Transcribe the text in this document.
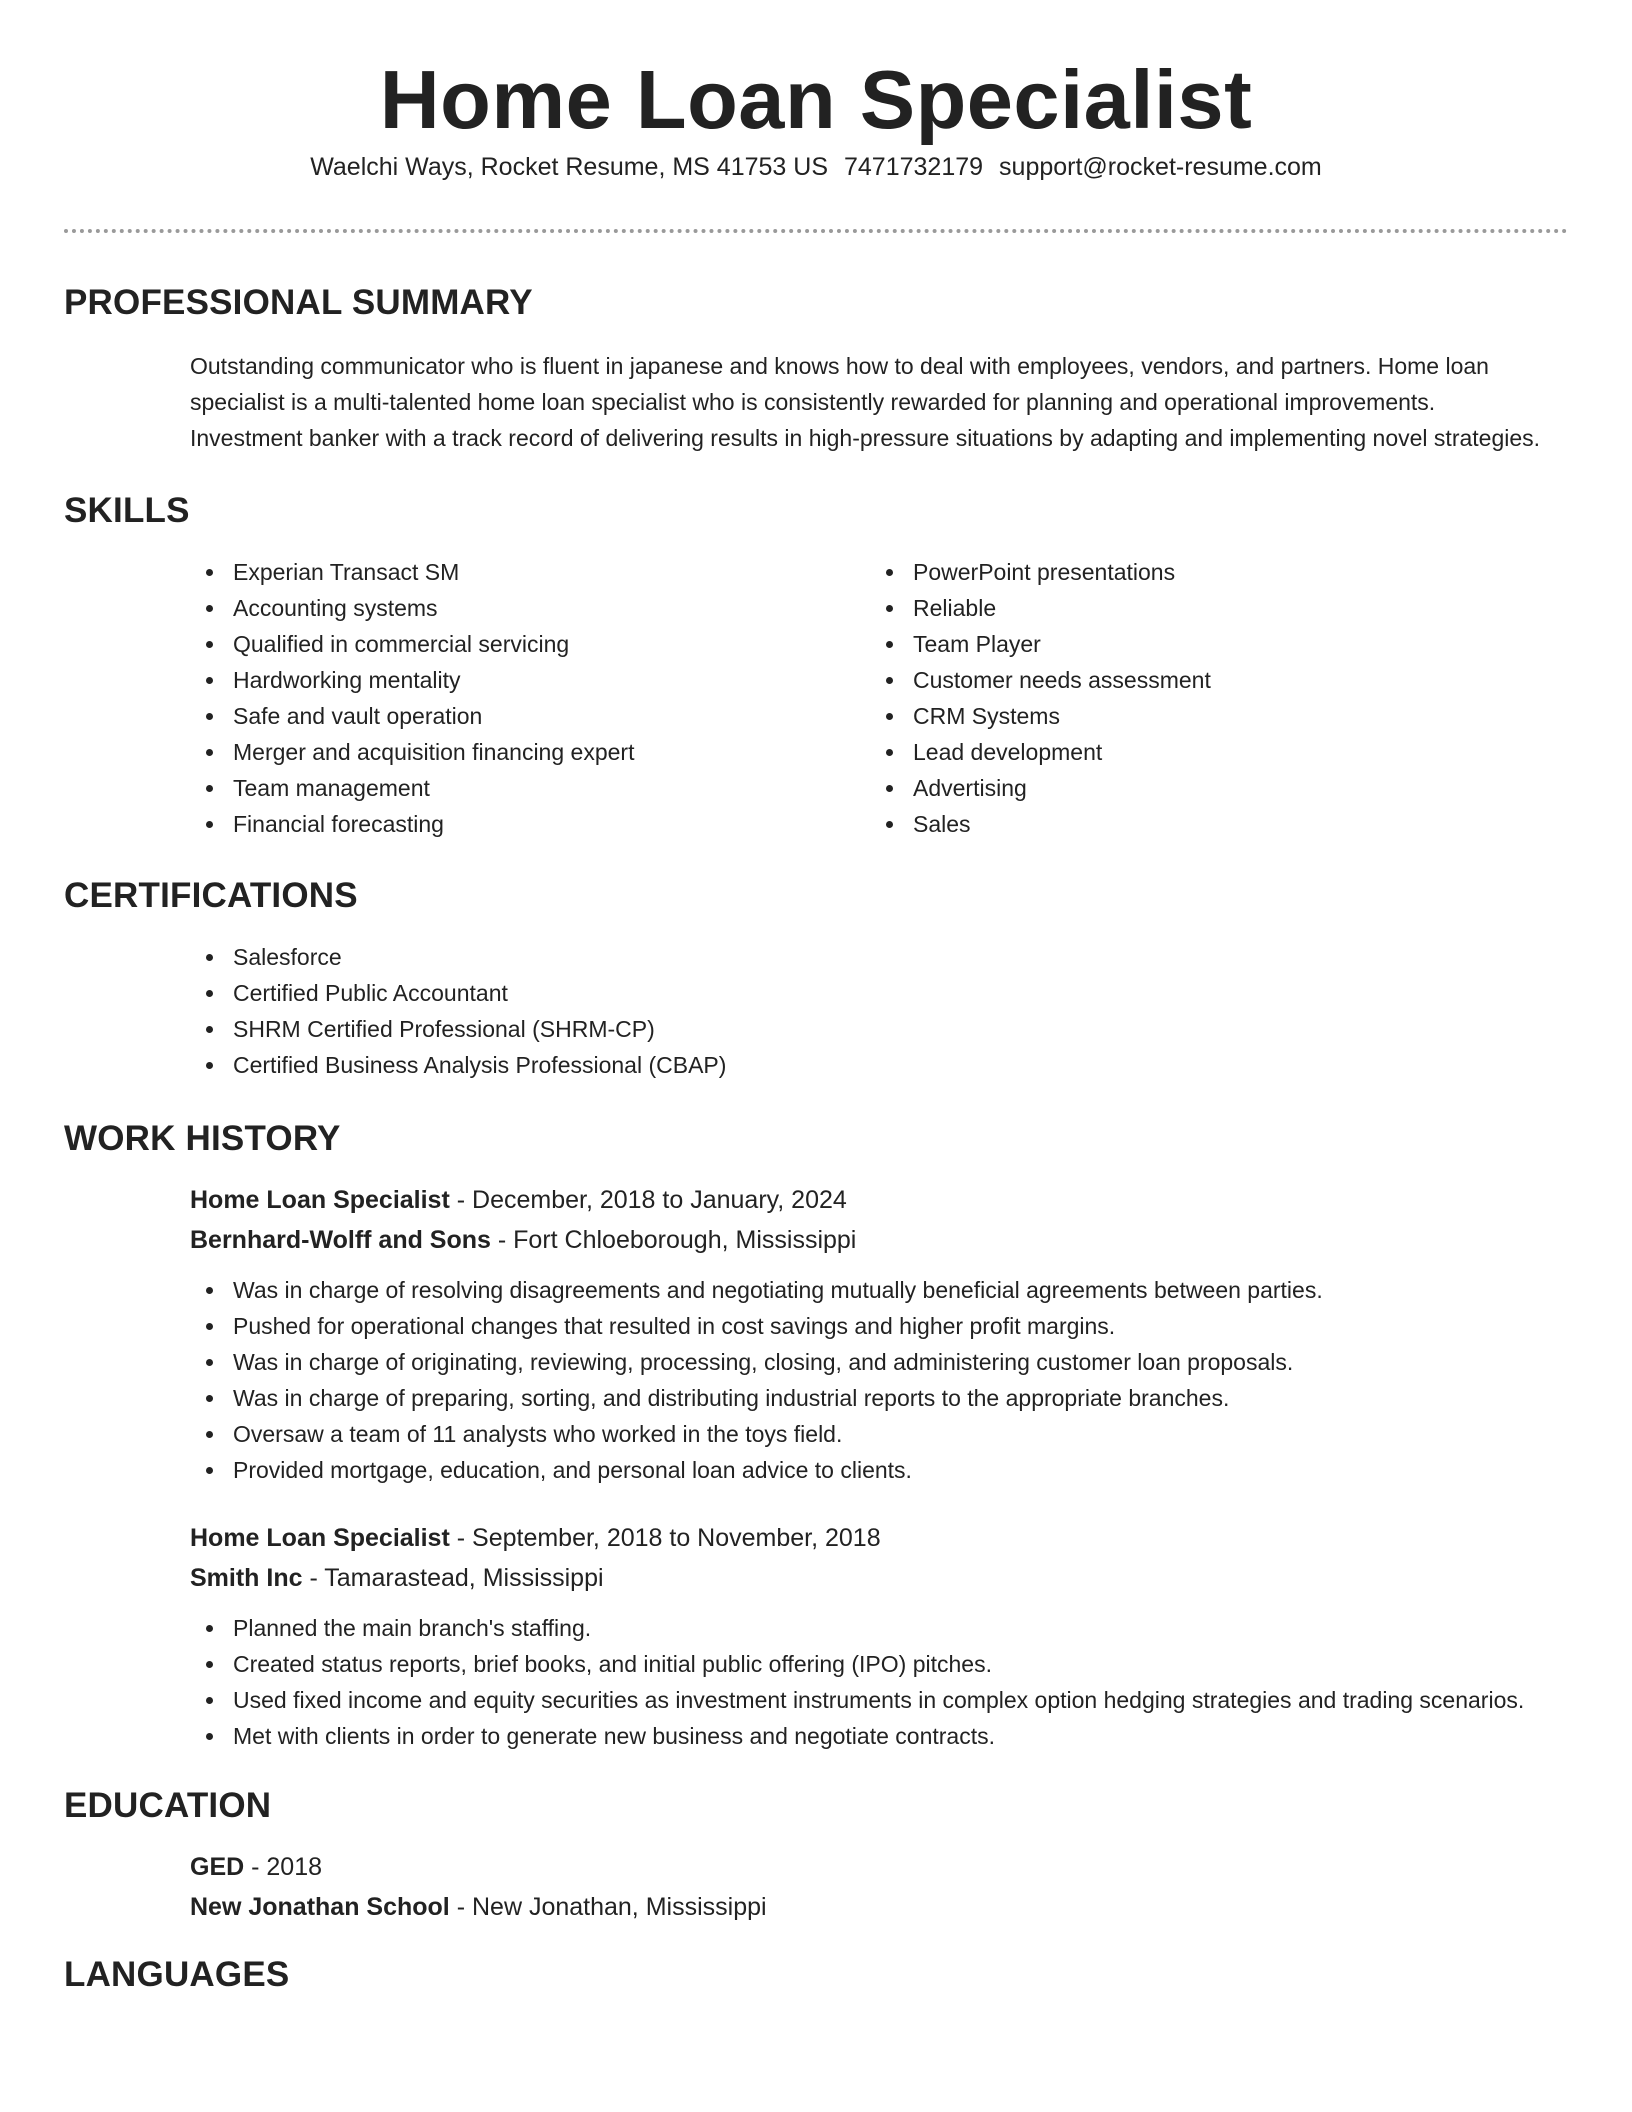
Home Loan Specialist
Waelchi Ways, Rocket Resume, MS 41753 US 7471732179 support@rocket-resume.com
PROFESSIONAL SUMMARY

Outstanding communicator who is fluent in japanese and knows how to deal with employees, vendors, and partners. Home loan specialist is a multi-talented home loan specialist who is consistently rewarded for planning and operational improvements. Investment banker with a track record of delivering results in high-pressure situations by adapting and implementing novel strategies.

SKILLS
Experian Transact SM
Accounting systems
Qualified in commercial servicing
Hardworking mentality
Safe and vault operation
Merger and acquisition financing expert
Team management
Financial forecasting
PowerPoint presentations
Reliable
Team Player
Customer needs assessment
CRM Systems
Lead development
Advertising
Sales
CERTIFICATIONS
Salesforce
Certified Public Accountant
SHRM Certified Professional (SHRM-CP)
Certified Business Analysis Professional (CBAP)
WORK HISTORY
Home Loan Specialist - December, 2018 to January, 2024
Bernhard-Wolff and Sons - Fort Chloeborough, Mississippi
Was in charge of resolving disagreements and negotiating mutually beneficial agreements between parties.
Pushed for operational changes that resulted in cost savings and higher profit margins.
Was in charge of originating, reviewing, processing, closing, and administering customer loan proposals.
Was in charge of preparing, sorting, and distributing industrial reports to the appropriate branches.
Oversaw a team of 11 analysts who worked in the toys field.
Provided mortgage, education, and personal loan advice to clients.
Home Loan Specialist - September, 2018 to November, 2018
Smith Inc - Tamarastead, Mississippi
Planned the main branch's staffing.
Created status reports, brief books, and initial public offering (IPO) pitches.
Used fixed income and equity securities as investment instruments in complex option hedging strategies and trading scenarios.
Met with clients in order to generate new business and negotiate contracts.
EDUCATION
GED - 2018
New Jonathan School - New Jonathan, Mississippi
LANGUAGES
